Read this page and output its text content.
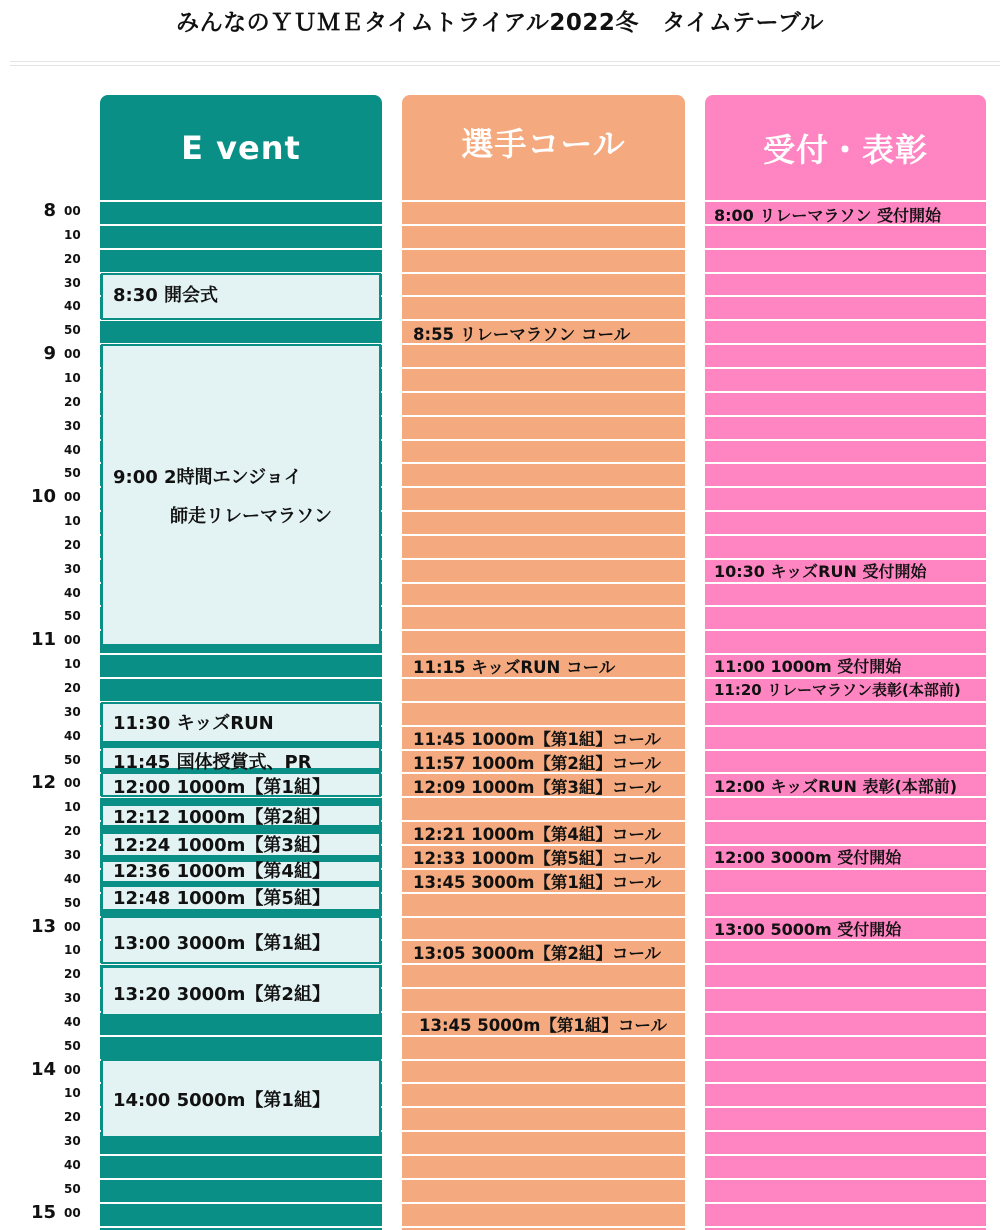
みんなのＹＵＭＥタイムトライアル2022冬　タイムテーブル
E vent	選手コール	受付・表彰
8 00
10
20
30
40
50
9 00
10
20
30
40
50
10 00
10
20
30
40
50
11 00
10
20
30
40
50
12 00
10
20
30
40
50
13 00
10
20
30
40
50
14 00
10
20
30
40
50
15 00
8:30 開会式
9:00 2時間エンジョイ
師走リレーマラソン
11:30 キッズRUN
11:45 国体授賞式、PR
12:00 1000m【第1組】
12:12 1000m【第2組】
12:24 1000m【第3組】
12:36 1000m【第4組】
12:48 1000m【第5組】
13:00 3000m【第1組】
13:20 3000m【第2組】
14:00 5000m【第1組】
8:55 リレーマラソン コール
11:15 キッズRUN コール
11:45 1000m【第1組】コール
11:57 1000m【第2組】コール
12:09 1000m【第3組】コール
12:21 1000m【第4組】コール
12:33 1000m【第5組】コール
13:45 3000m【第1組】コール
13:05 3000m【第2組】コール
13:45 5000m【第1組】コール
8:00 リレーマラソン 受付開始
10:30 キッズRUN 受付開始
11:00 1000m 受付開始
11:20 リレーマラソン表彰(本部前)
12:00 キッズRUN 表彰(本部前)
12:00 3000m 受付開始
13:00 5000m 受付開始
